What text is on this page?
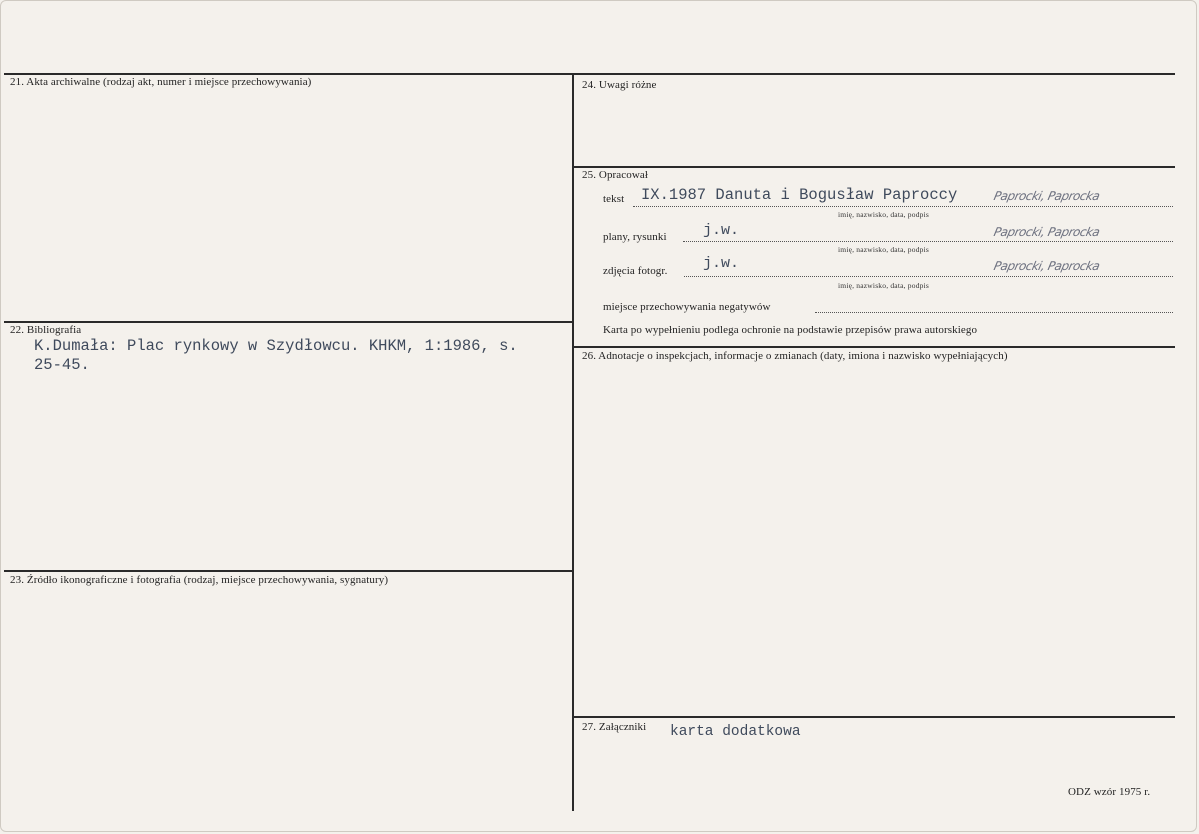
21. Akta archiwalne (rodzaj akt, numer i miejsce przechowywania)
22. Bibliografia
K.Dumała: Plac rynkowy w Szydłowcu. KHKM, 1:1986, s.
25-45.
23. Źródło ikonograficzne i fotografia (rodzaj, miejsce przechowywania, sygnatury)
24. Uwagi różne
25. Opracował
tekst IX.1987 Danuta i Bogusław Paproccy	Paprocki, Paprocka
imię, nazwisko, data, podpis
plany, rysunki j.w.	Paprocki, Paprocka
imię, nazwisko, data, podpis
zdjęcia fotogr. j.w.	Paprocki, Paprocka
imię, nazwisko, data, podpis
miejsce przechowywania negatywów
Karta po wypełnieniu podlega ochronie na podstawie przepisów prawa autorskiego
26. Adnotacje o inspekcjach, informacje o zmianach (daty, imiona i nazwisko wypełniających)
27. Załączniki karta dodatkowa
ODZ wzór 1975 r.
